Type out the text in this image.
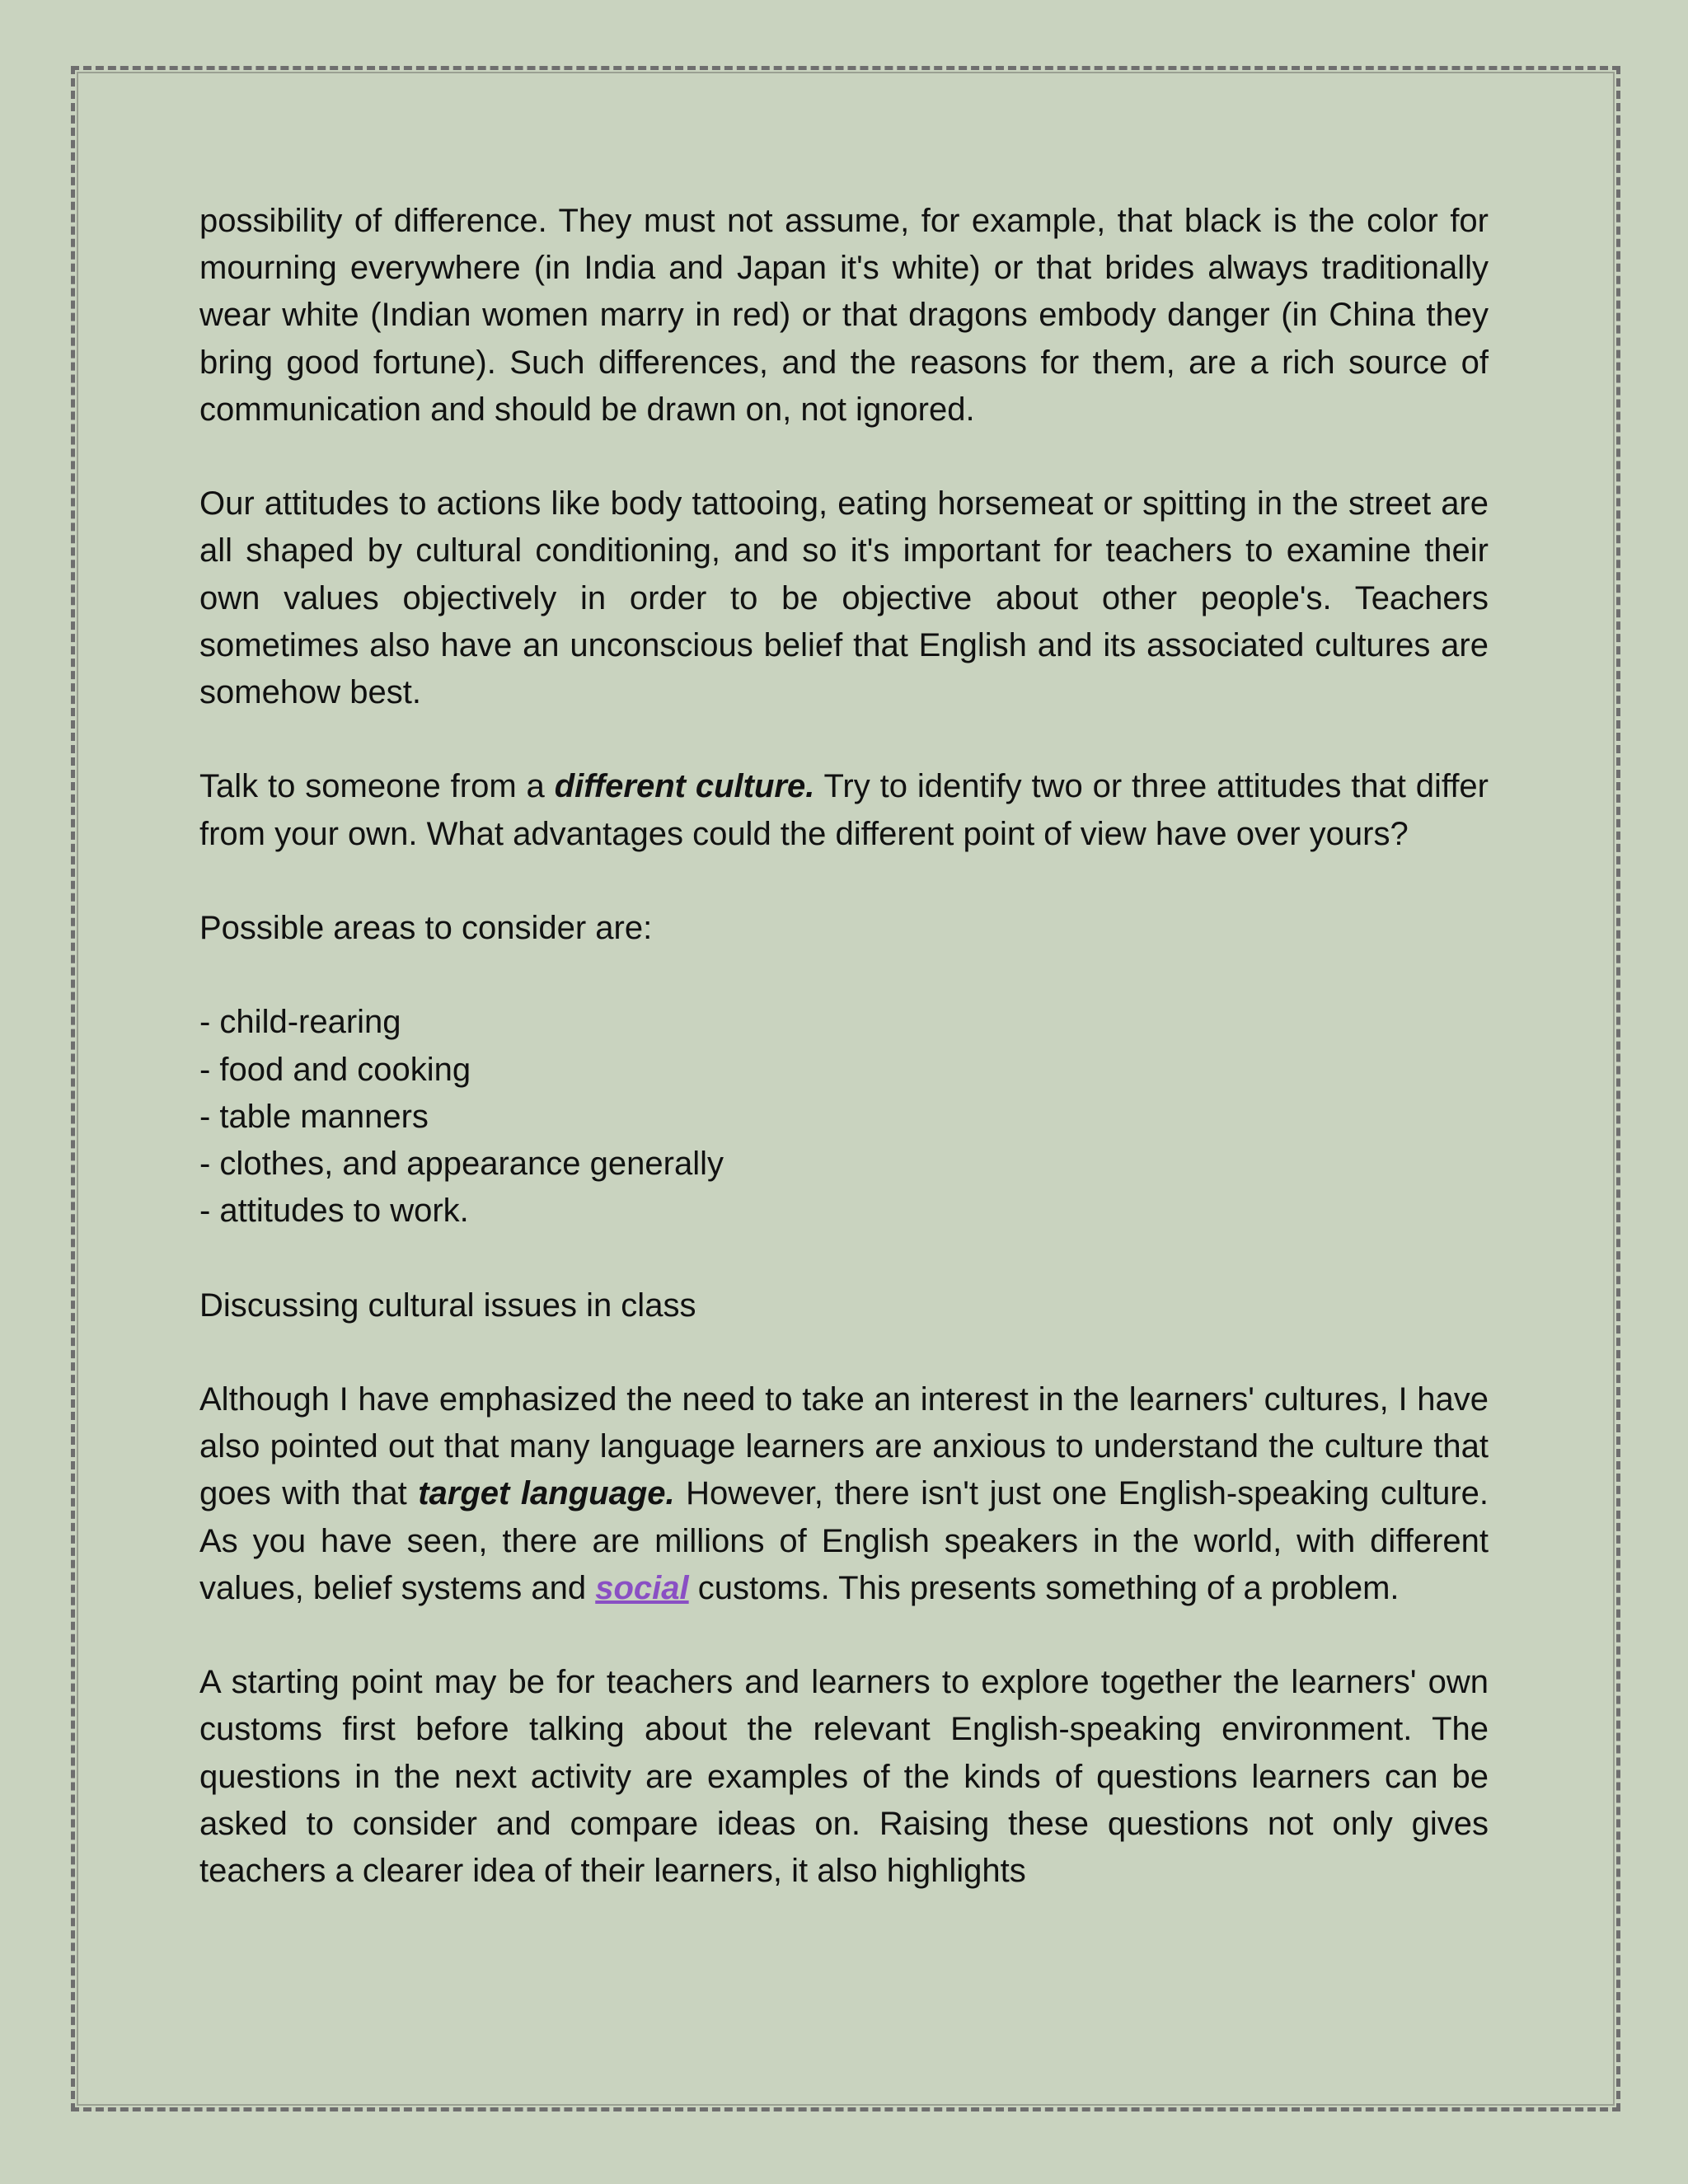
possibility of difference. They must not assume, for example, that black is the color for mourning everywhere (in India and Japan it's white) or that brides always traditionally wear white (Indian women marry in red) or that dragons embody danger (in China they bring good fortune). Such differences, and the reasons for them, are a rich source of communication and should be drawn on, not ignored.

Our attitudes to actions like body tattooing, eating horsemeat or spitting in the street are all shaped by cultural conditioning, and so it's important for teachers to examine their own values objectively in order to be objective about other people's. Teachers sometimes also have an unconscious belief that English and its associated cultures are somehow best.

Talk to someone from a different culture. Try to identify two or three attitudes that differ from your own. What advantages could the different point of view have over yours?

Possible areas to consider are:

- child-rearing
- food and cooking
- table manners
- clothes, and appearance generally
- attitudes to work.

Discussing cultural issues in class

Although I have emphasized the need to take an interest in the learners' cultures, I have also pointed out that many language learners are anxious to understand the culture that goes with that target language. However, there isn't just one English-speaking culture. As you have seen, there are millions of English speakers in the world, with different values, belief systems and social customs. This presents something of a problem.

A starting point may be for teachers and learners to explore together the learners' own customs first before talking about the relevant English-speaking environment. The questions in the next activity are examples of the kinds of questions learners can be asked to consider and compare ideas on. Raising these questions not only gives teachers a clearer idea of their learners, it also highlights
